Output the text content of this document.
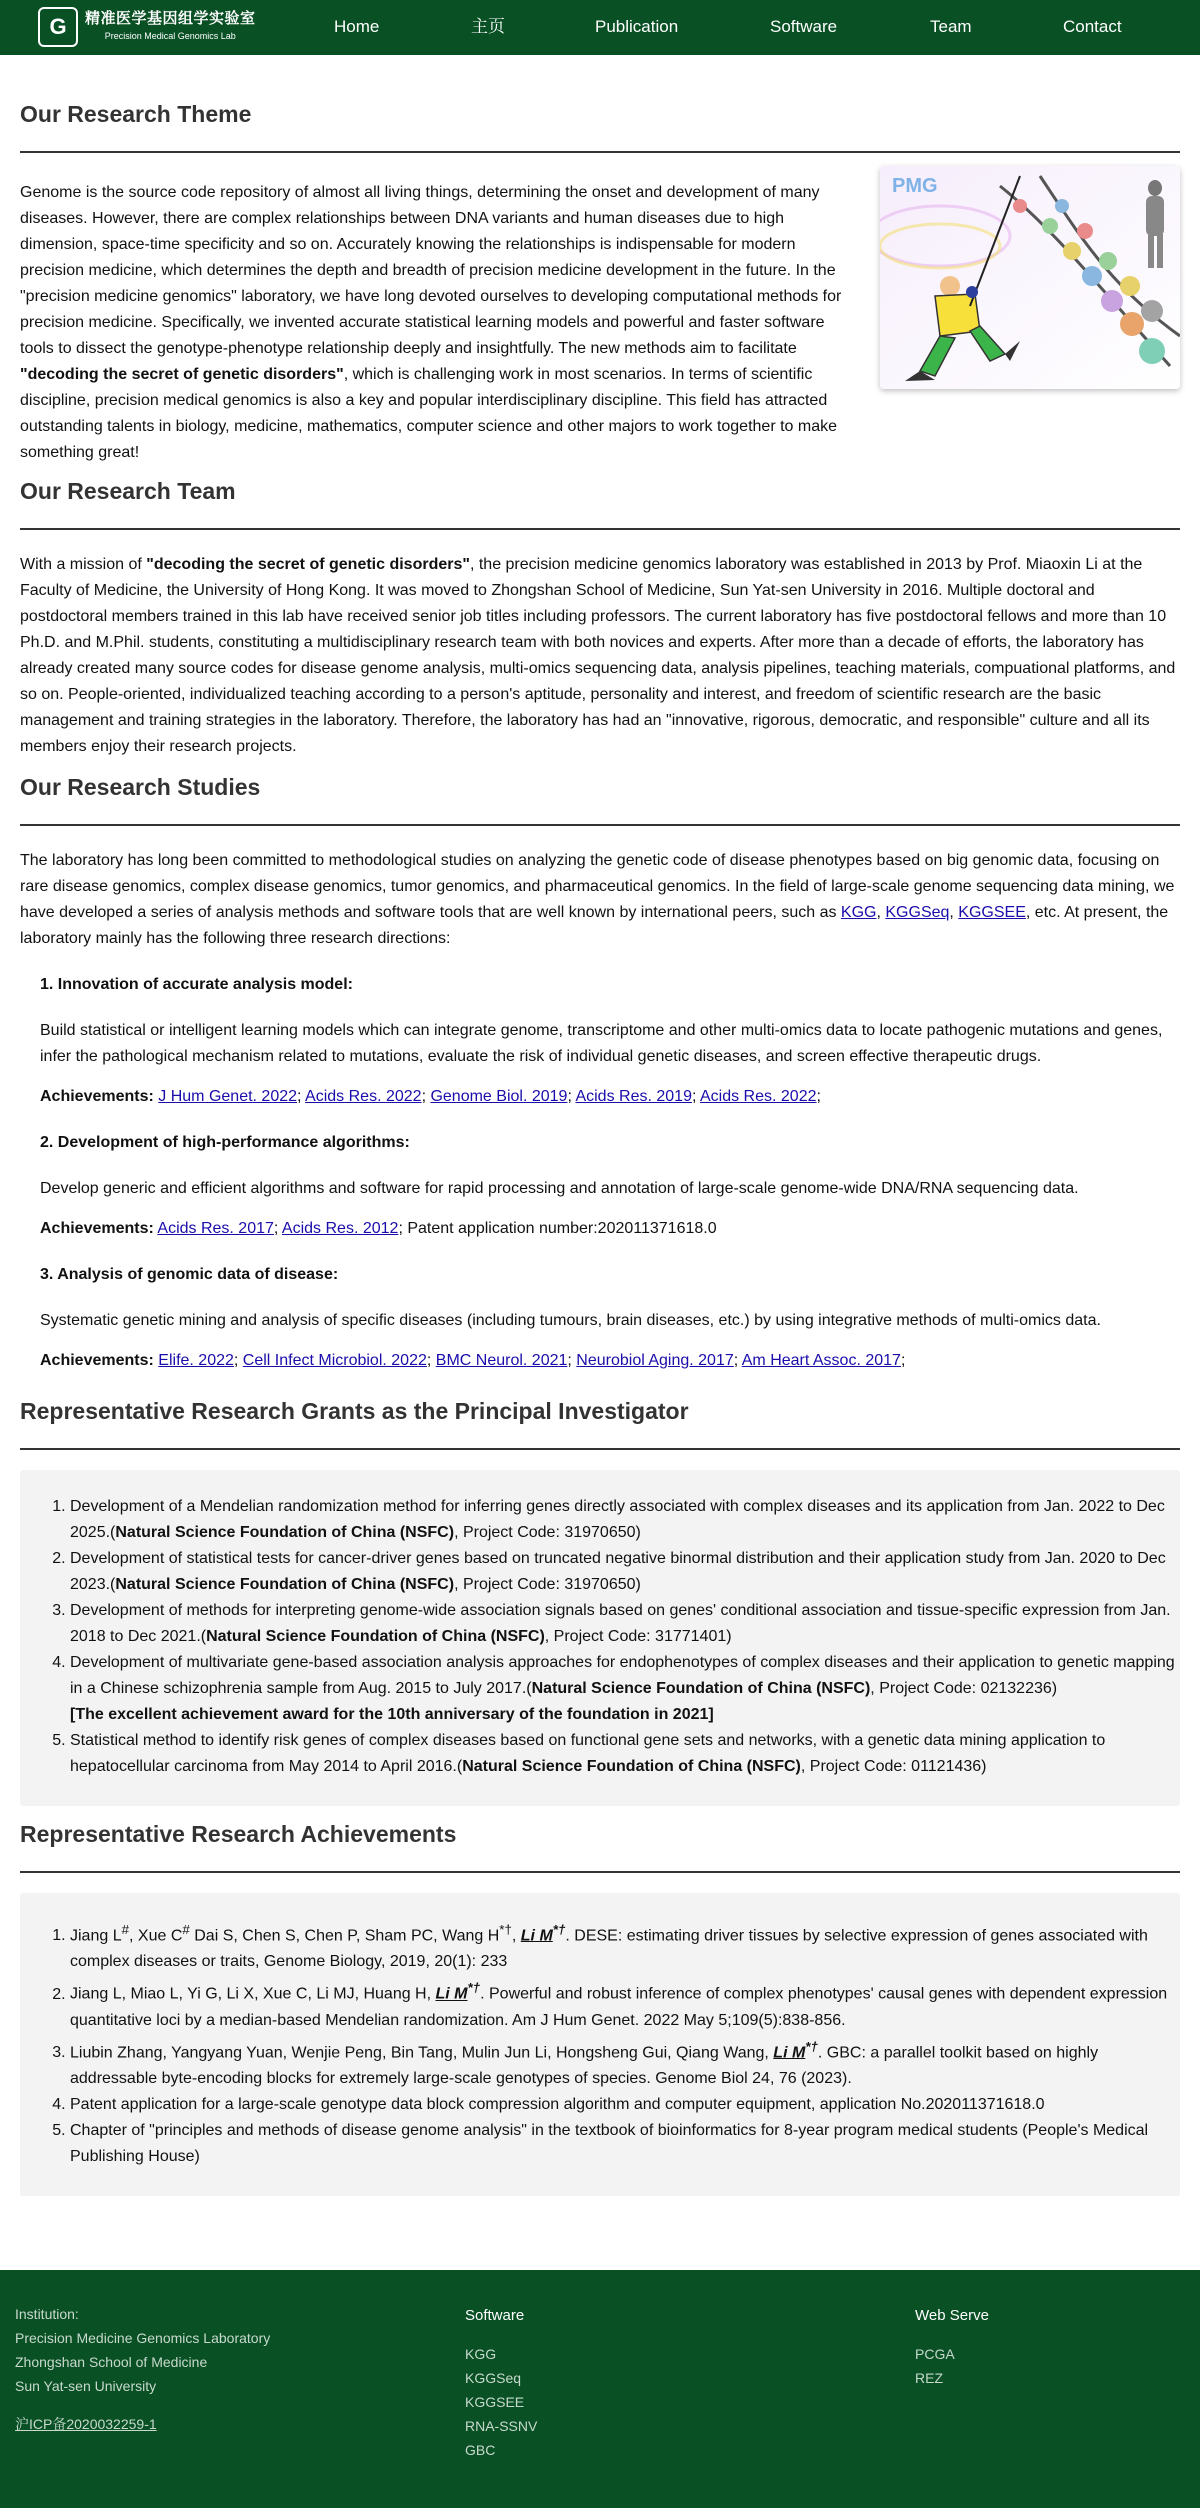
G	精准医学基因组学实验室
Precision Medical Genomics Lab	Home	主页	Publication	Software	Team	Contact
Our Research Theme

Genome is the source code repository of almost all living things, determining the onset and development of many diseases. However, there are complex relationships between DNA variants and human diseases due to high dimension, space-time specificity and so on. Accurately knowing the relationships is indispensable for modern precision medicine, which determines the depth and breadth of precision medicine development in the future. In the "precision medicine genomics" laboratory, we have long devoted ourselves to developing computational methods for precision medicine. Specifically, we invented accurate statistical learning models and powerful and faster software tools to dissect the genotype-phenotype relationship deeply and insightfully. The new methods aim to facilitate "decoding the secret of genetic disorders", which is challenging work in most scenarios. In terms of scientific discipline, precision medical genomics is also a key and popular interdisciplinary discipline. This field has attracted outstanding talents in biology, medicine, mathematics, computer science and other majors to work together to make something great!

PMG
Our Research Team

With a mission of "decoding the secret of genetic disorders", the precision medicine genomics laboratory was established in 2013 by Prof. Miaoxin Li at the Faculty of Medicine, the University of Hong Kong. It was moved to Zhongshan School of Medicine, Sun Yat-sen University in 2016. Multiple doctoral and postdoctoral members trained in this lab have received senior job titles including professors. The current laboratory has five postdoctoral fellows and more than 10 Ph.D. and M.Phil. students, constituting a multidisciplinary research team with both novices and experts. After more than a decade of efforts, the laboratory has already created many source codes for disease genome analysis, multi-omics sequencing data, analysis pipelines, teaching materials, compuational platforms, and so on. People-oriented, individualized teaching according to a person's aptitude, personality and interest, and freedom of scientific research are the basic management and training strategies in the laboratory. Therefore, the laboratory has had an "innovative, rigorous, democratic, and responsible" culture and all its members enjoy their research projects.

Our Research Studies

The laboratory has long been committed to methodological studies on analyzing the genetic code of disease phenotypes based on big genomic data, focusing on rare disease genomics, complex disease genomics, tumor genomics, and pharmaceutical genomics. In the field of large-scale genome sequencing data mining, we have developed a series of analysis methods and software tools that are well known by international peers, such as KGG, KGGSeq, KGGSEE, etc. At present, the laboratory mainly has the following three research directions:

1. Innovation of accurate analysis model:

Build statistical or intelligent learning models which can integrate genome, transcriptome and other multi-omics data to locate pathogenic mutations and genes, infer the pathological mechanism related to mutations, evaluate the risk of individual genetic diseases, and screen effective therapeutic drugs.

Achievements: J Hum Genet. 2022; Acids Res. 2022; Genome Biol. 2019; Acids Res. 2019; Acids Res. 2022;

2. Development of high-performance algorithms:

Develop generic and efficient algorithms and software for rapid processing and annotation of large-scale genome-wide DNA/RNA sequencing data.

Achievements: Acids Res. 2017; Acids Res. 2012; Patent application number:202011371618.0

3. Analysis of genomic data of disease:

Systematic genetic mining and analysis of specific diseases (including tumours, brain diseases, etc.) by using integrative methods of multi-omics data.

Achievements: Elife. 2022; Cell Infect Microbiol. 2022; BMC Neurol. 2021; Neurobiol Aging. 2017; Am Heart Assoc. 2017;

Representative Research Grants as the Principal Investigator
1. Development of a Mendelian randomization method for inferring genes directly associated with complex diseases and its application from Jan. 2022 to Dec 2025.(Natural Science Foundation of China (NSFC), Project Code: 31970650)
2. Development of statistical tests for cancer-driver genes based on truncated negative binormal distribution and their application study from Jan. 2020 to Dec 2023.(Natural Science Foundation of China (NSFC), Project Code: 31970650)
3. Development of methods for interpreting genome-wide association signals based on genes' conditional association and tissue-specific expression from Jan. 2018 to Dec 2021.(Natural Science Foundation of China (NSFC), Project Code: 31771401)
4. Development of multivariate gene-based association analysis approaches for endophenotypes of complex diseases and their application to genetic mapping in a Chinese schizophrenia sample from Aug. 2015 to July 2017.(Natural Science Foundation of China (NSFC), Project Code: 02132236)
[The excellent achievement award for the 10th anniversary of the foundation in 2021]
5. Statistical method to identify risk genes of complex diseases based on functional gene sets and networks, with a genetic data mining application to hepatocellular carcinoma from May 2014 to April 2016.(Natural Science Foundation of China (NSFC), Project Code: 01121436)
Representative Research Achievements
1. Jiang L#, Xue C# Dai S, Chen S, Chen P, Sham PC, Wang H*†, Li M*†. DESE: estimating driver tissues by selective expression of genes associated with complex diseases or traits, Genome Biology, 2019, 20(1): 233
2. Jiang L, Miao L, Yi G, Li X, Xue C, Li MJ, Huang H, Li M*†. Powerful and robust inference of complex phenotypes' causal genes with dependent expression quantitative loci by a median-based Mendelian randomization. Am J Hum Genet. 2022 May 5;109(5):838-856.
3. Liubin Zhang, Yangyang Yuan, Wenjie Peng, Bin Tang, Mulin Jun Li, Hongsheng Gui, Qiang Wang, Li M*†. GBC: a parallel toolkit based on highly addressable byte-encoding blocks for extremely large-scale genotypes of species. Genome Biol 24, 76 (2023).
4. Patent application for a large-scale genotype data block compression algorithm and computer equipment, application No.202011371618.0
5. Chapter of "principles and methods of disease genome analysis" in the textbook of bioinformatics for 8-year program medical students (People's Medical Publishing House)
Institution:
Precision Medicine Genomics Laboratory
Zhongshan School of Medicine
Sun Yat-sen University
沪ICP备2020032259-1
Software
KGG
KGGSeq
KGGSEE
RNA-SSNV
GBC
Web Serve
PCGA
REZ
